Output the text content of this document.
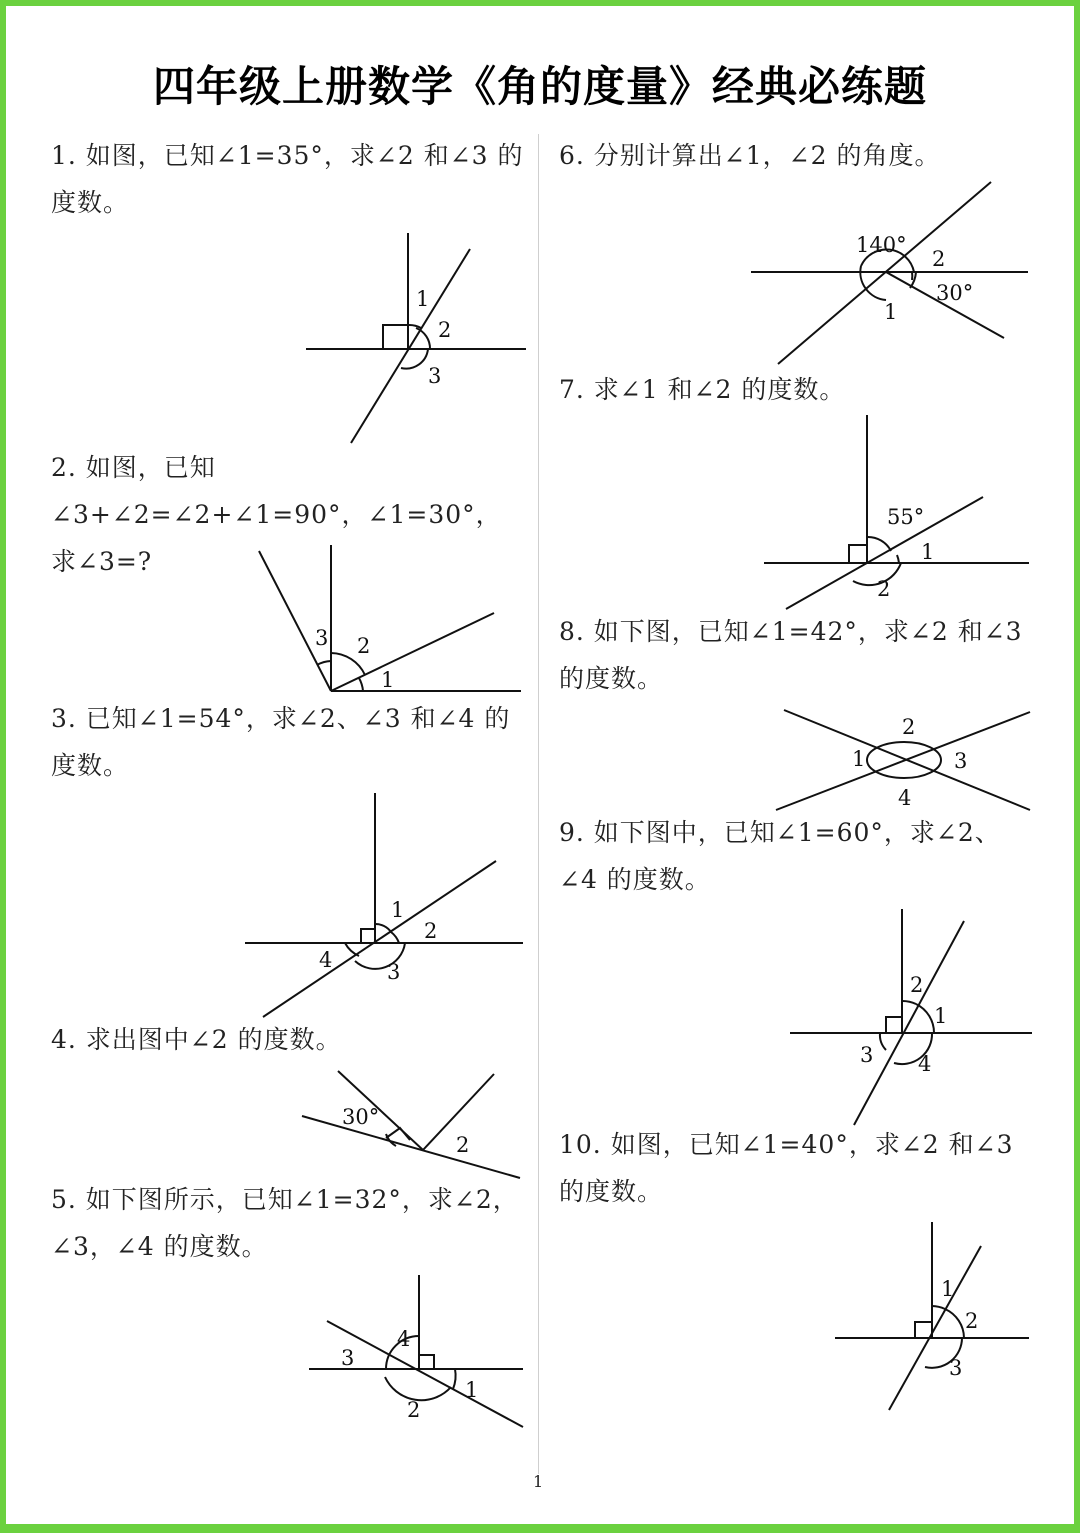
四年级上册数学《角的度量》经典必练题

1. 如图，已知∠1=35°，求∠2 和∠3 的度数。

1
2
3

2. 如图，已知∠3+∠2=∠2+∠1=90°，∠1=30°，求∠3=?

3 2
1

3. 已知∠1=54°，求∠2、∠3 和∠4 的度数。

1
2
3
4

4. 求出图中∠2 的度数。

30°
2

5. 如下图所示，已知∠1=32°，求∠2，∠3，∠4 的度数。

4
3
1
2

6. 分别计算出∠1，∠2 的角度。

140°
2
30°
1

7. 求∠1 和∠2 的度数。

55°
1
2

8. 如下图，已知∠1=42°，求∠2 和∠3 的度数。

2
1	3
4

9. 如下图中，已知∠1=60°，求∠2、∠4 的度数。

2
1
3 4

10. 如图，已知∠1=40°，求∠2 和∠3 的度数。

1
2
3
1
